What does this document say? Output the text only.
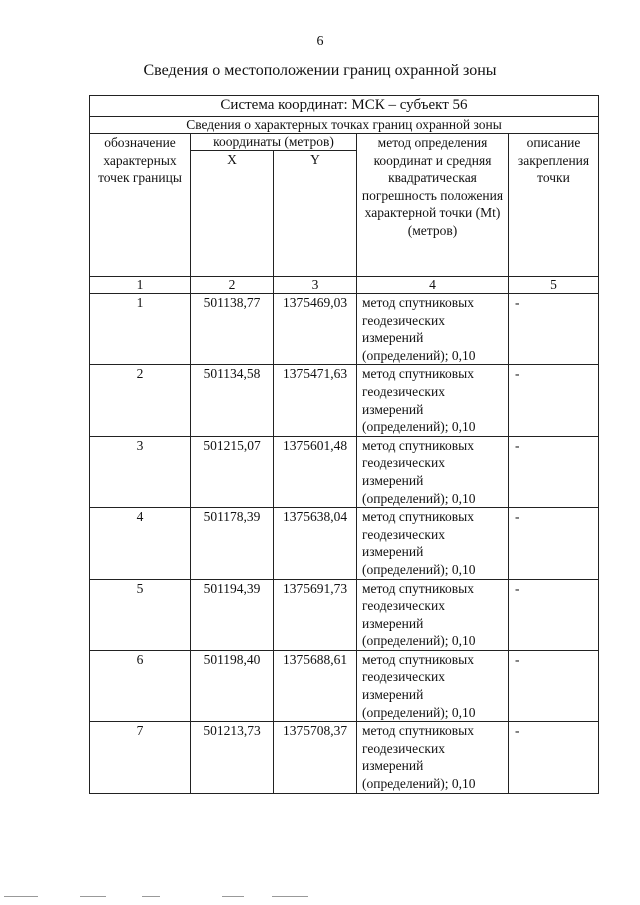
6
Сведения о местоположении границ охранной зоны
Система координат: МСК – субъект 56				
Сведения о характерных точках границ охранной зоны				
обозначение характерных точек границы	координаты (метров)		метод определения координат и средняя квадратическая погрешность положения характерной точки (Mt) (метров)	описание закрепления точки
	X	Y		
1	2	3	4	5
1	501138,77	1375469,03	метод спутниковых геодезических измерений (определений); 0,10	-
2	501134,58	1375471,63	метод спутниковых геодезических измерений (определений); 0,10	-
3	501215,07	1375601,48	метод спутниковых геодезических измерений (определений); 0,10	-
4	501178,39	1375638,04	метод спутниковых геодезических измерений (определений); 0,10	-
5	501194,39	1375691,73	метод спутниковых геодезических измерений (определений); 0,10	-
6	501198,40	1375688,61	метод спутниковых геодезических измерений (определений); 0,10	-
7	501213,73	1375708,37	метод спутниковых геодезических измерений (определений); 0,10	-
